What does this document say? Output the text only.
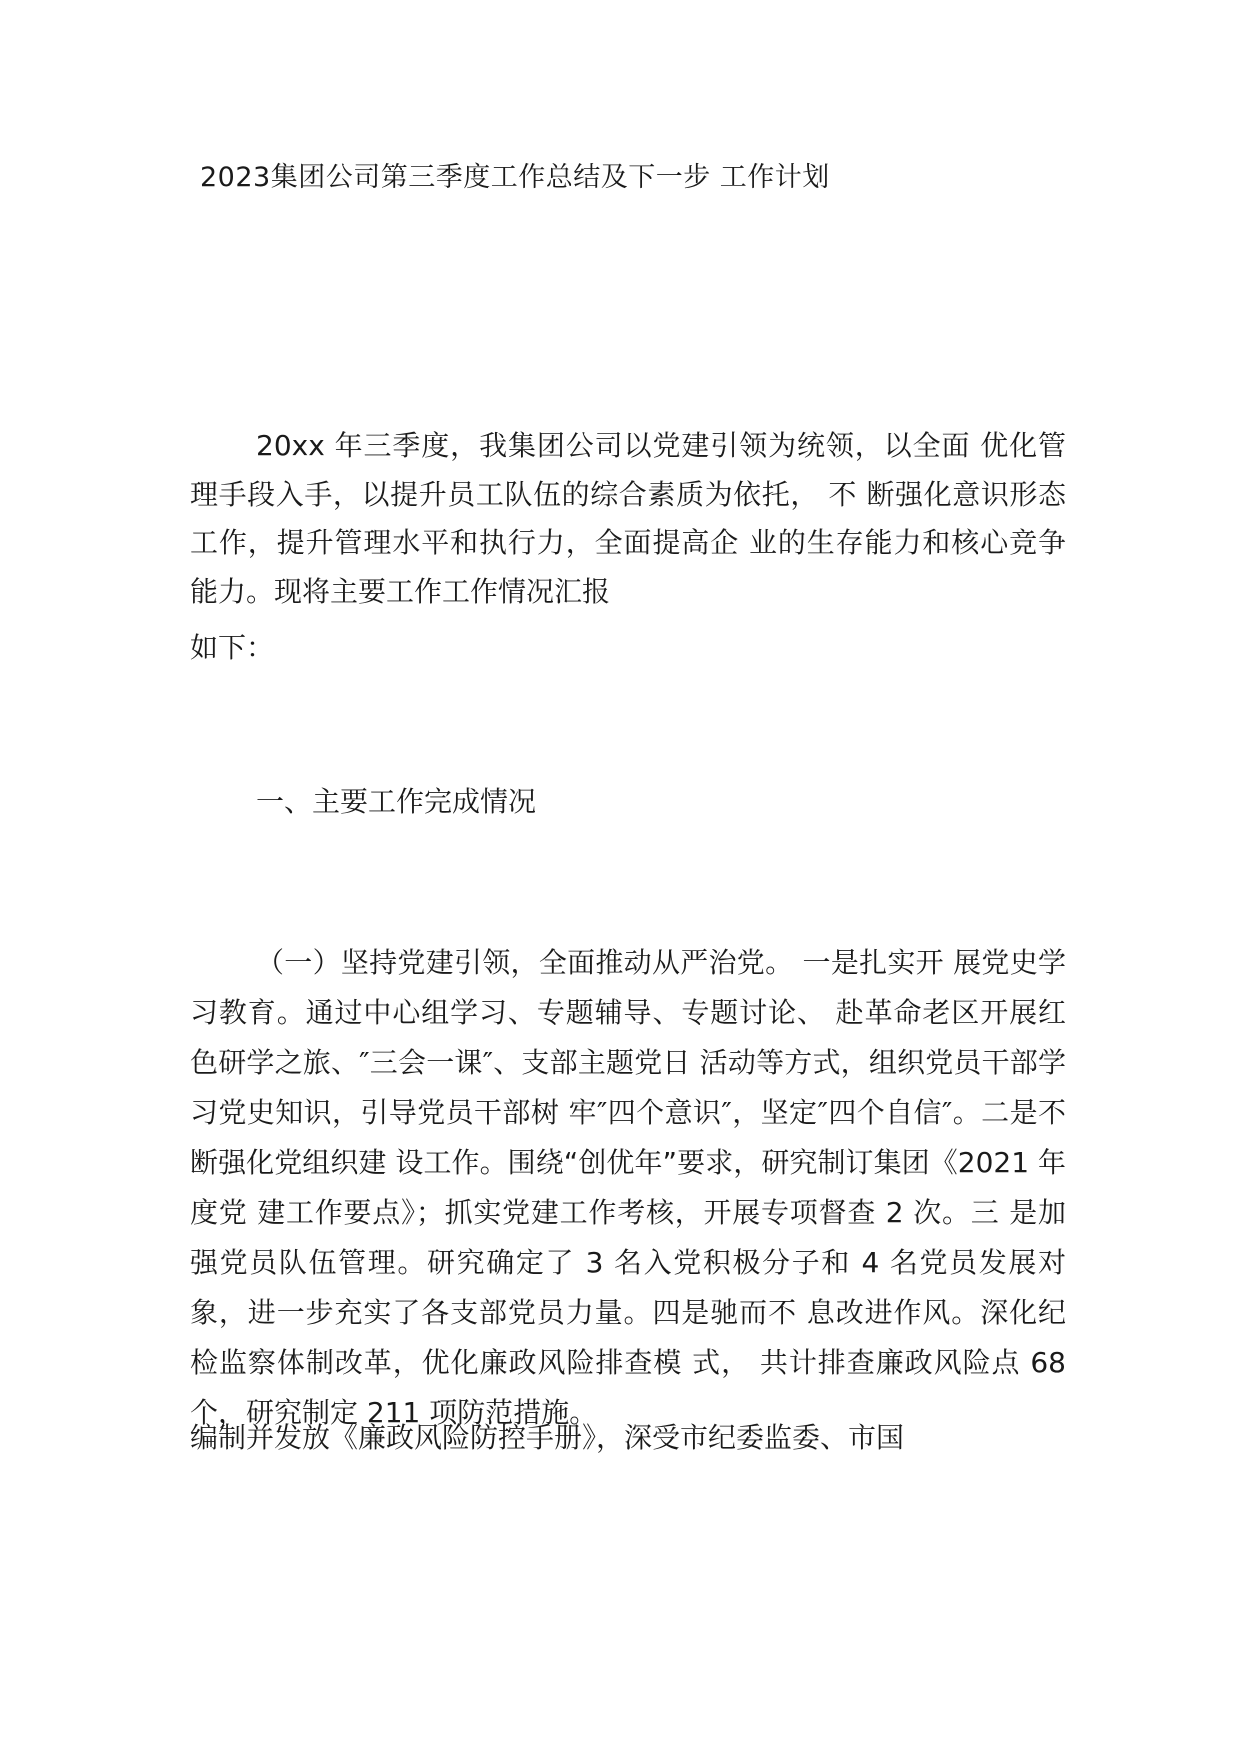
2023集团公司第三季度工作总结及下一步 工作计划

20xx 年三季度，我集团公司以党建引领为统领，以全面 优化管理手段入手，以提升员工队伍的综合素质为依托， 不 断强化意识形态工作，提升管理水平和执行力，全面提高企 业的生存能力和核心竞争能力。现将主要工作工作情况汇报

如下：

一、主要工作完成情况

（一）坚持党建引领，全面推动从严治党。 一是扎实开 展党史学习教育。通过中心组学习、专题辅导、专题讨论、 赴革命老区开展红色研学之旅、″三会一课″、支部主题党日 活动等方式，组织党员干部学习党史知识，引导党员干部树 牢″四个意识″，坚定″四个自信″。二是不断强化党组织建 设工作。围绕“创优年”要求，研究制订集团《2021 年度党 建工作要点》；抓实党建工作考核，开展专项督查 2 次。三 是加强党员队伍管理。研究确定了 3 名入党积极分子和 4 名党员发展对象，进一步充实了各支部党员力量。四是驰而不 息改进作风。深化纪检监察体制改革，优化廉政风险排查模 式， 共计排查廉政风险点 68 个，研究制定 211 项防范措施。

编制并发放《廉政风险防控手册》，深受市纪委监委、市国
